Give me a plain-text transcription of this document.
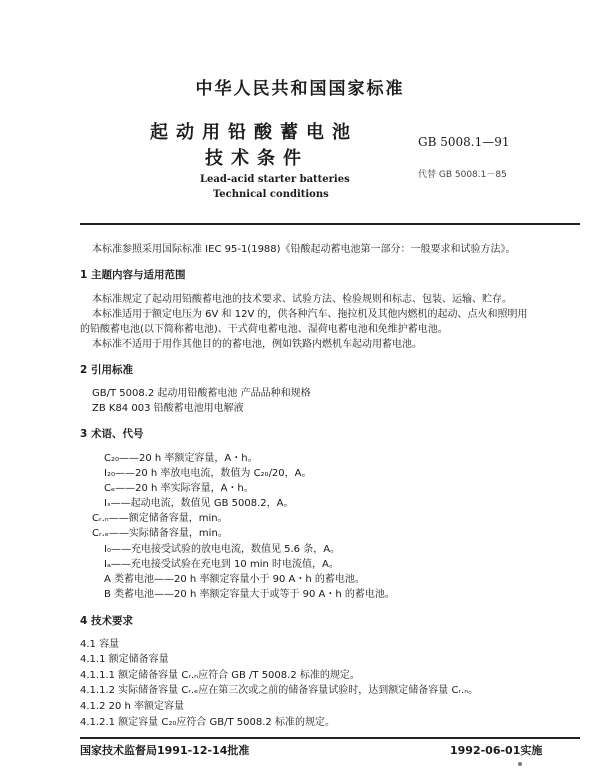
中华人民共和国国家标准
起动用铅酸蓄电池
技术条件
Lead-acid starter batteries
Technical conditions
GB 5008.1—91
代替 GB 5008.1－85
本标准参照采用国际标准 IEC 95-1(1988)《铅酸起动蓄电池第一部分：一般要求和试验方法》。
1 主题内容与适用范围
本标准规定了起动用铅酸蓄电池的技术要求、试验方法、检验规则和标志、包装、运输、贮存。
本标准适用于额定电压为 6V 和 12V 的，供各种汽车、拖拉机及其他内燃机的起动、点火和照明用
的铅酸蓄电池(以下简称蓄电池)、干式荷电蓄电池、湿荷电蓄电池和免维护蓄电池。
本标准不适用于用作其他目的的蓄电池，例如铁路内燃机车起动用蓄电池。
2 引用标准
GB/T 5008.2 起动用铅酸蓄电池 产品品种和规格
ZB K84 003 铅酸蓄电池用电解液
3 术语、代号
C₂₀——20 h 率额定容量，A・h。
I₂₀——20 h 率放电电流，数值为 C₂₀/20，A。
Cₑ——20 h 率实际容量，A・h。
Iₛ——起动电流，数值见 GB 5008.2，A。
Cᵣ.ₙ——额定储备容量，min。
Cᵣ.ₑ——实际储备容量，min。
I₀——充电接受试验的放电电流，数值见 5.6 条，A。
Iₐ——充电接受试验在充电到 10 min 时电流值，A。
A 类蓄电池——20 h 率额定容量小于 90 A・h 的蓄电池。
B 类蓄电池——20 h 率额定容量大于或等于 90 A・h 的蓄电池。
4 技术要求
4.1 容量
4.1.1 额定储备容量
4.1.1.1 额定储备容量 Cᵣ.ₙ应符合 GB /T 5008.2 标准的规定。
4.1.1.2 实际储备容量 Cᵣ.ₑ应在第三次或之前的储备容量试验时，达到额定储备容量 Cᵣ.ₙ。
4.1.2 20 h 率额定容量
4.1.2.1 额定容量 C₂₀应符合 GB/T 5008.2 标准的规定。
国家技术监督局1991-12-14批准	1992-06-01实施
